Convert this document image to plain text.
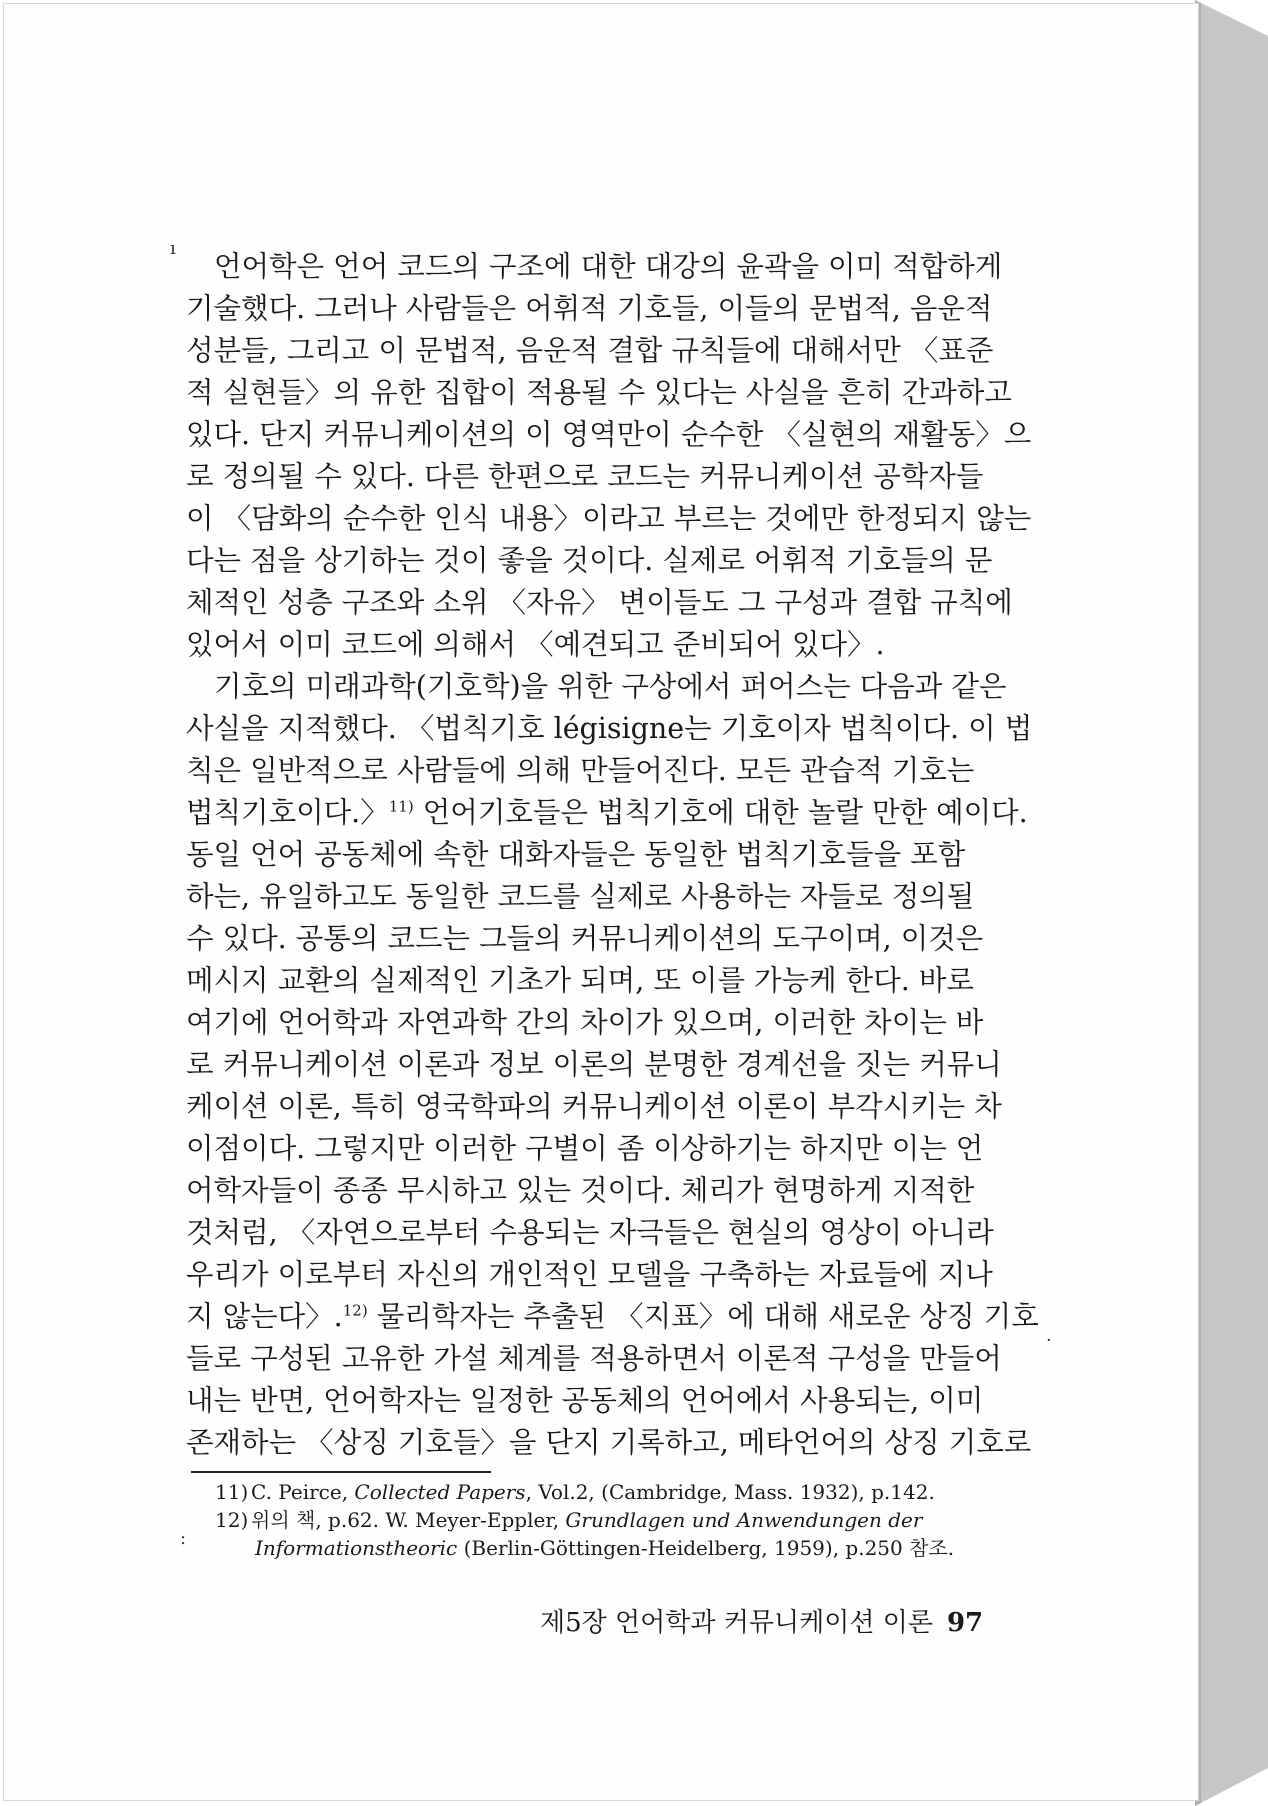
ı
·
:

언어학은 언어 코드의 구조에 대한 대강의 윤곽을 이미 적합하게
기술했다. 그러나 사람들은 어휘적 기호들, 이들의 문법적, 음운적
성분들, 그리고 이 문법적, 음운적 결합 규칙들에 대해서만 〈표준
적 실현들〉의 유한 집합이 적용될 수 있다는 사실을 흔히 간과하고
있다. 단지 커뮤니케이션의 이 영역만이 순수한 〈실현의 재활동〉으
로 정의될 수 있다. 다른 한편으로 코드는 커뮤니케이션 공학자들
이 〈담화의 순수한 인식 내용〉이라고 부르는 것에만 한정되지 않는
다는 점을 상기하는 것이 좋을 것이다. 실제로 어휘적 기호들의 문
체적인 성층 구조와 소위 〈자유〉 변이들도 그 구성과 결합 규칙에
있어서 이미 코드에 의해서 〈예견되고 준비되어 있다〉.

기호의 미래과학(기호학)을 위한 구상에서 퍼어스는 다음과 같은
사실을 지적했다. 〈법칙기호 légisigne는 기호이자 법칙이다. 이 법
칙은 일반적으로 사람들에 의해 만들어진다. 모든 관습적 기호는
법칙기호이다.〉$^{11)}$ 언어기호들은 법칙기호에 대한 놀랄 만한 예이다.
동일 언어 공동체에 속한 대화자들은 동일한 법칙기호들을 포함
하는, 유일하고도 동일한 코드를 실제로 사용하는 자들로 정의될
수 있다. 공통의 코드는 그들의 커뮤니케이션의 도구이며, 이것은
메시지 교환의 실제적인 기초가 되며, 또 이를 가능케 한다. 바로
여기에 언어학과 자연과학 간의 차이가 있으며, 이러한 차이는 바
로 커뮤니케이션 이론과 정보 이론의 분명한 경계선을 짓는 커뮤니
케이션 이론, 특히 영국학파의 커뮤니케이션 이론이 부각시키는 차
이점이다. 그렇지만 이러한 구별이 좀 이상하기는 하지만 이는 언
어학자들이 종종 무시하고 있는 것이다. 체리가 현명하게 지적한
것처럼, 〈자연으로부터 수용되는 자극들은 현실의 영상이 아니라
우리가 이로부터 자신의 개인적인 모델을 구축하는 자료들에 지나
지 않는다〉.$^{12)}$ 물리학자는 추출된 〈지표〉에 대해 새로운 상징 기호
들로 구성된 고유한 가설 체계를 적용하면서 이론적 구성을 만들어
내는 반면, 언어학자는 일정한 공동체의 언어에서 사용되는, 이미
존재하는 〈상징 기호들〉을 단지 기록하고, 메타언어의 상징 기호로

11) C. Peirce, Collected Papers, Vol.2, (Cambridge, Mass. 1932), p.142.
12) 위의 책, p.62. W. Meyer-Eppler, Grundlagen und Anwendungen der
Informationstheoric (Berlin-Göttingen-Heidelberg, 1959), p.250 참조.
제5장 언어학과 커뮤니케이션 이론 97
